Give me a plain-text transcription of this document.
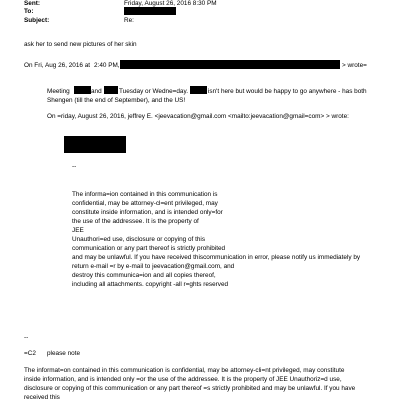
Sent:	Friday, August 26, 2016 8:30 PM
To:
Subject:	Re:
ask her to send new pictures of her skin
On Fri, Aug 26, 2016 at 2:40 PM,	> wrote=
Meeting	and	Tuesday or Wedne=day.	isn't here but would be happy to go anywhere - has both
Shengen (till the end of September), and the US!
On =riday, August 26, 2016, jeffrey E. <jeevacation@gmail.com <mailto:jeevacation@gmail=com> > wrote:
--
The informa=ion contained in this communication is
confidential, may be attorney-cl=ent privileged, may
constitute inside information, and is intended only=for
the use of the addressee. It is the property of
JEE
Unauthori=ed use, disclosure or copying of this
communication or any part thereof is strictly prohibited
and may be unlawful. If you have received thiscommunication in error, please notify us immediately by
return e-mail =r by e-mail to jeevacation@gmail.com, and
destroy this communica=ion and all copies thereof,
including all attachments. copyright -all r=ghts reserved
--
=C2 please note
The informat=on contained in this communication is confidential, may be attorney-cli=nt privileged, may constitute
inside information, and is intended only =or the use of the addressee. It is the property of JEE Unauthoriz=d use,
disclosure or copying of this communication or any part thereof =s strictly prohibited and may be unlawful. If you have
received this
